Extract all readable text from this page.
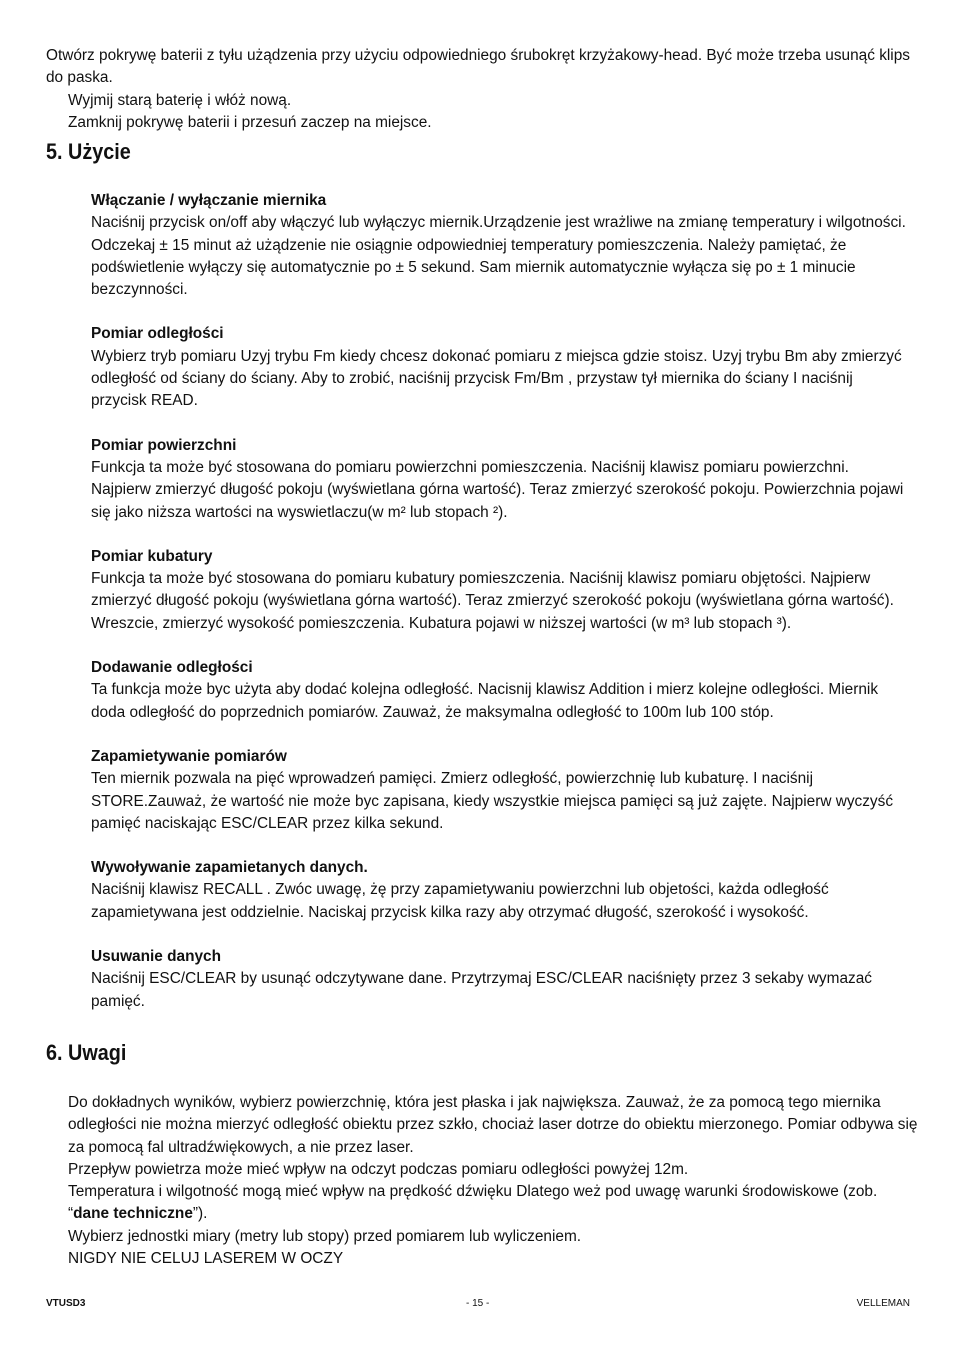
Otwórz pokrywę baterii z tyłu użądzenia przy użyciu odpowiedniego śrubokręt krzyżakowy-head. Być może trzeba usunąć klips do paska.

Wyjmij starą baterię i włóż nową.

Zamknij pokrywę baterii i przesuń zaczep na miejsce.

5. Użycie

Włączanie / wyłączanie miernika

Naciśnij przycisk on/off aby włączyć lub wyłączyc miernik.Urządzenie jest wrażliwe na zmianę temperatury i wilgotności. Odczekaj ± 15 minut aż użądzenie nie osiągnie odpowiedniej temperatury pomieszczenia. Należy pamiętać, że podświetlenie wyłączy się automatycznie po ± 5 sekund. Sam miernik automatycznie wyłącza się po ± 1 minucie bezczynności.

Pomiar odległości

Wybierz tryb pomiaru Uzyj trybu Fm kiedy chcesz dokonać pomiaru z miejsca gdzie stoisz. Uzyj trybu Bm aby zmierzyć odległość od ściany do ściany. Aby to zrobić, naciśnij przycisk Fm/Bm , przystaw tył miernika do ściany I naciśnij przycisk READ.

Pomiar powierzchni

Funkcja ta może być stosowana do pomiaru powierzchni pomieszczenia. Naciśnij klawisz pomiaru powierzchni. Najpierw zmierzyć długość pokoju (wyświetlana górna wartość). Teraz zmierzyć szerokość pokoju. Powierzchnia pojawi się jako niższa wartości na wyswietlaczu(w m² lub stopach ²).

Pomiar kubatury

Funkcja ta może być stosowana do pomiaru kubatury pomieszczenia. Naciśnij klawisz pomiaru objętości. Najpierw zmierzyć długość pokoju (wyświetlana górna wartość). Teraz zmierzyć szerokość pokoju (wyświetlana górna wartość). Wreszcie, zmierzyć wysokość pomieszczenia. Kubatura pojawi w niższej wartości (w m³ lub stopach ³).

Dodawanie odległości

Ta funkcja może byc użyta aby dodać kolejna odległość. Nacisnij klawisz Addition i mierz kolejne odległości. Miernik doda odległość do poprzednich pomiarów. Zauważ, że maksymalna odległość to 100m lub 100 stóp.

Zapamietywanie pomiarów

Ten miernik pozwala na pięć wprowadzeń pamięci. Zmierz odległość, powierzchnię lub kubaturę. I naciśnij STORE.Zauważ, że wartość nie może byc zapisana, kiedy wszystkie miejsca pamięci są już zajęte. Najpierw wyczyść pamięć naciskając ESC/CLEAR przez kilka sekund.

Wywoływanie zapamietanych danych.

Naciśnij klawisz RECALL . Zwóc uwagę, żę przy zapamietywaniu powierzchni lub objetości, każda odległość zapamietywana jest oddzielnie. Naciskaj przycisk kilka razy aby otrzymać długość, szerokość i wysokość.

Usuwanie danych

Naciśnij ESC/CLEAR by usunąć odczytywane dane. Przytrzymaj ESC/CLEAR naciśnięty przez 3 sekaby wymazać pamięć.

6. Uwagi

Do dokładnych wyników, wybierz powierzchnię, która jest płaska i jak największa. Zauważ, że za pomocą tego miernika odległości nie można mierzyć odległość obiektu przez szkło, chociaż laser dotrze do obiektu mierzonego. Pomiar odbywa się za pomocą fal ultradźwiękowych, a nie przez laser.

Przepływ powietrza może mieć wpływ na odczyt podczas pomiaru odległości powyżej 12m.

Temperatura i wilgotność mogą mieć wpływ na prędkość dźwięku Dlatego weż pod uwagę warunki środowiskowe (zob. “dane techniczne”).

Wybierz jednostki miary (metry lub stopy) przed pomiarem lub wyliczeniem.

NIGDY NIE CELUJ LASEREM W OCZY

VTUSD3	- 15 -	VELLEMAN
